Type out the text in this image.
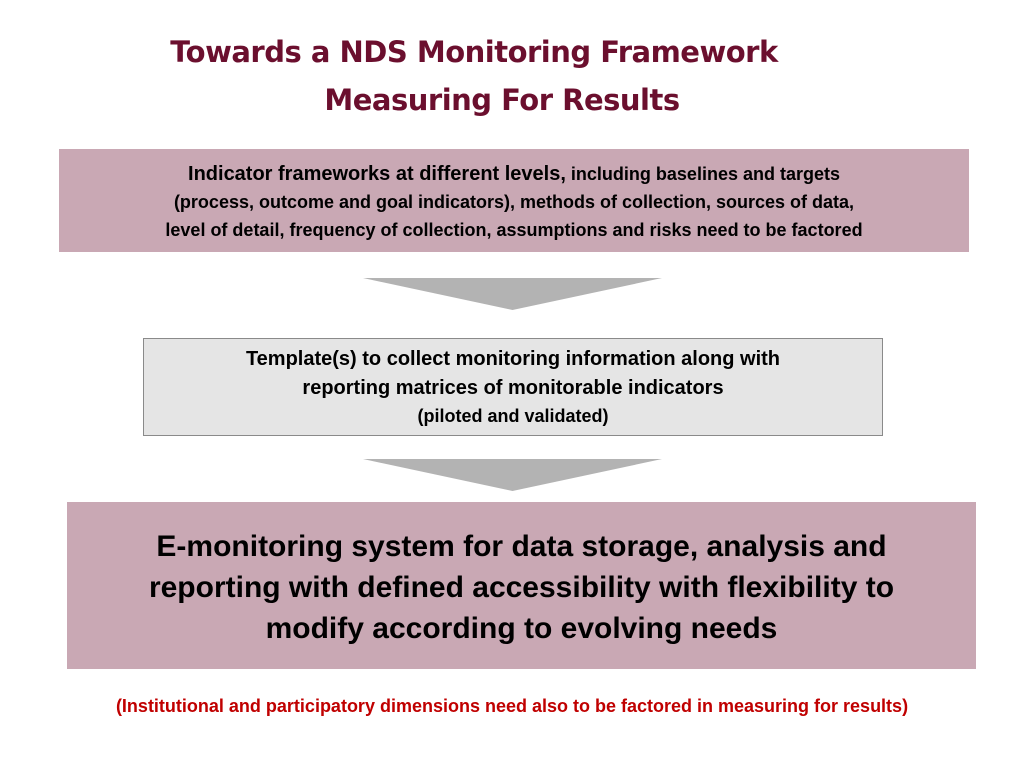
Towards a NDS Monitoring Framework
Measuring For Results
Indicator frameworks at different levels, including baselines and targets
(process, outcome and goal indicators), methods of collection, sources of data,
level of detail, frequency of collection, assumptions and risks need to be factored
Template(s) to collect monitoring information along with
reporting matrices of monitorable indicators
(piloted and validated)
E-monitoring system for data storage, analysis and
reporting with defined accessibility with flexibility to
modify according to evolving needs

(Institutional and participatory dimensions need also to be factored in measuring for results)
